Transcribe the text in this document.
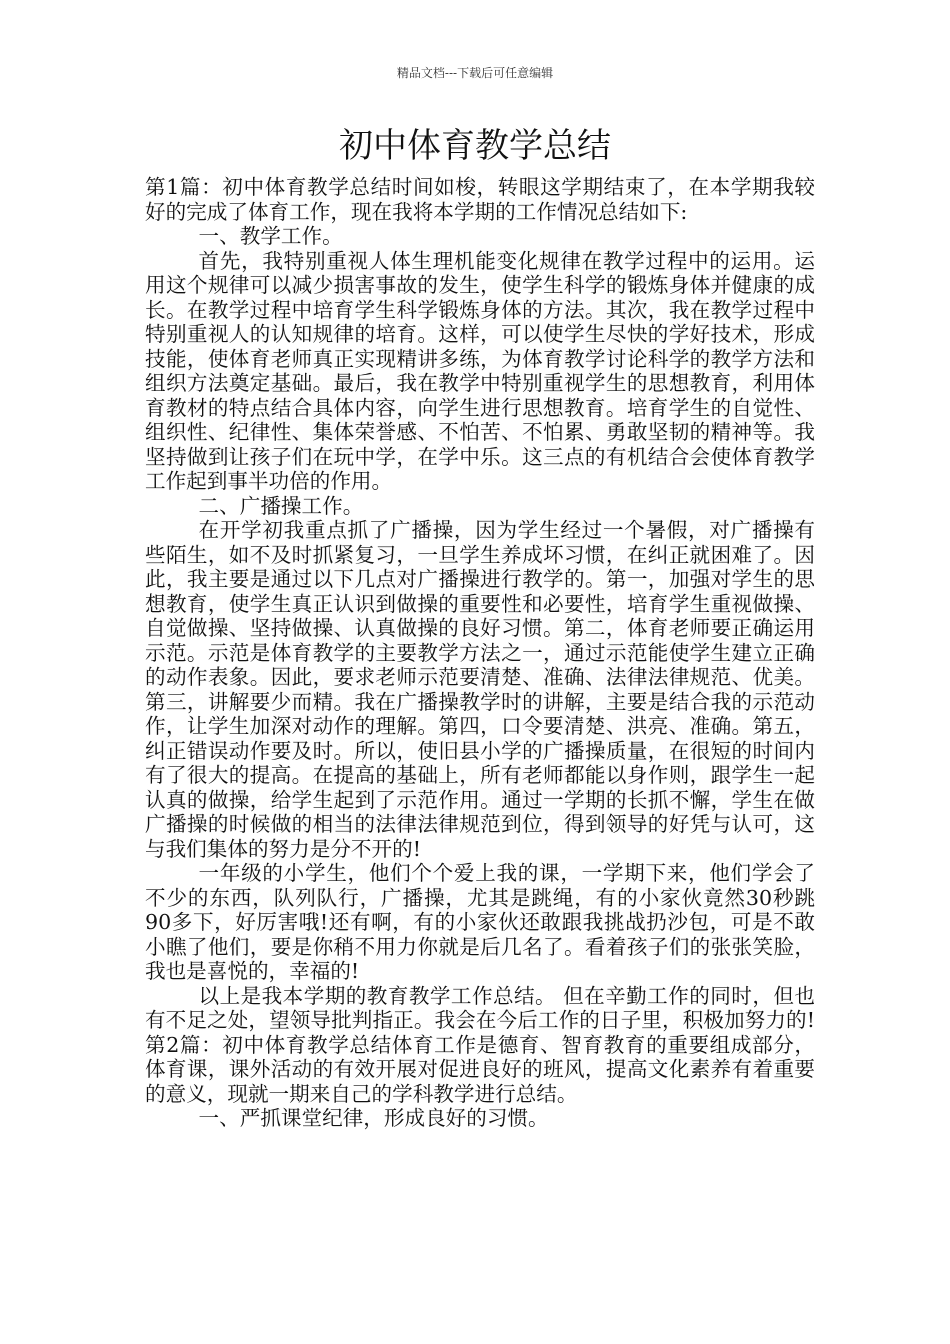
精品文档---下载后可任意编辑
初中体育教学总结

第1篇：初中体育教学总结时间如梭，转眼这学期结束了，在本学期我较好的完成了体育工作，现在我将本学期的工作情况总结如下:

一、教学工作。

首先，我特别重视人体生理机能变化规律在教学过程中的运用。运用这个规律可以减少损害事故的发生，使学生科学的锻炼身体并健康的成长。在教学过程中培育学生科学锻炼身体的方法。其次，我在教学过程中特别重视人的认知规律的培育。这样，可以使学生尽快的学好技术，形成技能，使体育老师真正实现精讲多练，为体育教学讨论科学的教学方法和组织方法奠定基础。最后，我在教学中特别重视学生的思想教育，利用体育教材的特点结合具体内容，向学生进行思想教育。培育学生的自觉性、组织性、纪律性、集体荣誉感、不怕苦、不怕累、勇敢坚韧的精神等。我坚持做到让孩子们在玩中学，在学中乐。这三点的有机结合会使体育教学工作起到事半功倍的作用。

二、广播操工作。

在开学初我重点抓了广播操，因为学生经过一个暑假，对广播操有些陌生，如不及时抓紧复习，一旦学生养成坏习惯，在纠正就困难了。因此，我主要是通过以下几点对广播操进行教学的。第一，加强对学生的思想教育，使学生真正认识到做操的重要性和必要性，培育学生重视做操、自觉做操、坚持做操、认真做操的良好习惯。第二，体育老师要正确运用示范。示范是体育教学的主要教学方法之一，通过示范能使学生建立正确的动作表象。因此，要求老师示范要清楚、准确、法律法律规范、优美。第三，讲解要少而精。我在广播操教学时的讲解，主要是结合我的示范动作，让学生加深对动作的理解。第四，口令要清楚、洪亮、准确。第五，纠正错误动作要及时。所以，使旧县小学的广播操质量，在很短的时间内有了很大的提高。在提高的基础上，所有老师都能以身作则，跟学生一起认真的做操，给学生起到了示范作用。通过一学期的长抓不懈，学生在做广播操的时候做的相当的法律法律规范到位，得到领导的好凭与认可，这与我们集体的努力是分不开的!

一年级的小学生，他们个个爱上我的课，一学期下来，他们学会了不少的东西，队列队行，广播操，尤其是跳绳，有的小家伙竟然30秒跳90多下，好厉害哦!还有啊，有的小家伙还敢跟我挑战扔沙包，可是不敢小瞧了他们，要是你稍不用力你就是后几名了。看着孩子们的张张笑脸，我也是喜悦的，幸福的!

以上是我本学期的教育教学工作总结。 但在辛勤工作的同时，但也有不足之处，望领导批判指正。我会在今后工作的日子里，积极加努力的!第2篇：初中体育教学总结体育工作是德育、智育教育的重要组成部分，体育课，课外活动的有效开展对促进良好的班风，提高文化素养有着重要的意义，现就一期来自己的学科教学进行总结。

一、严抓课堂纪律，形成良好的习惯。
